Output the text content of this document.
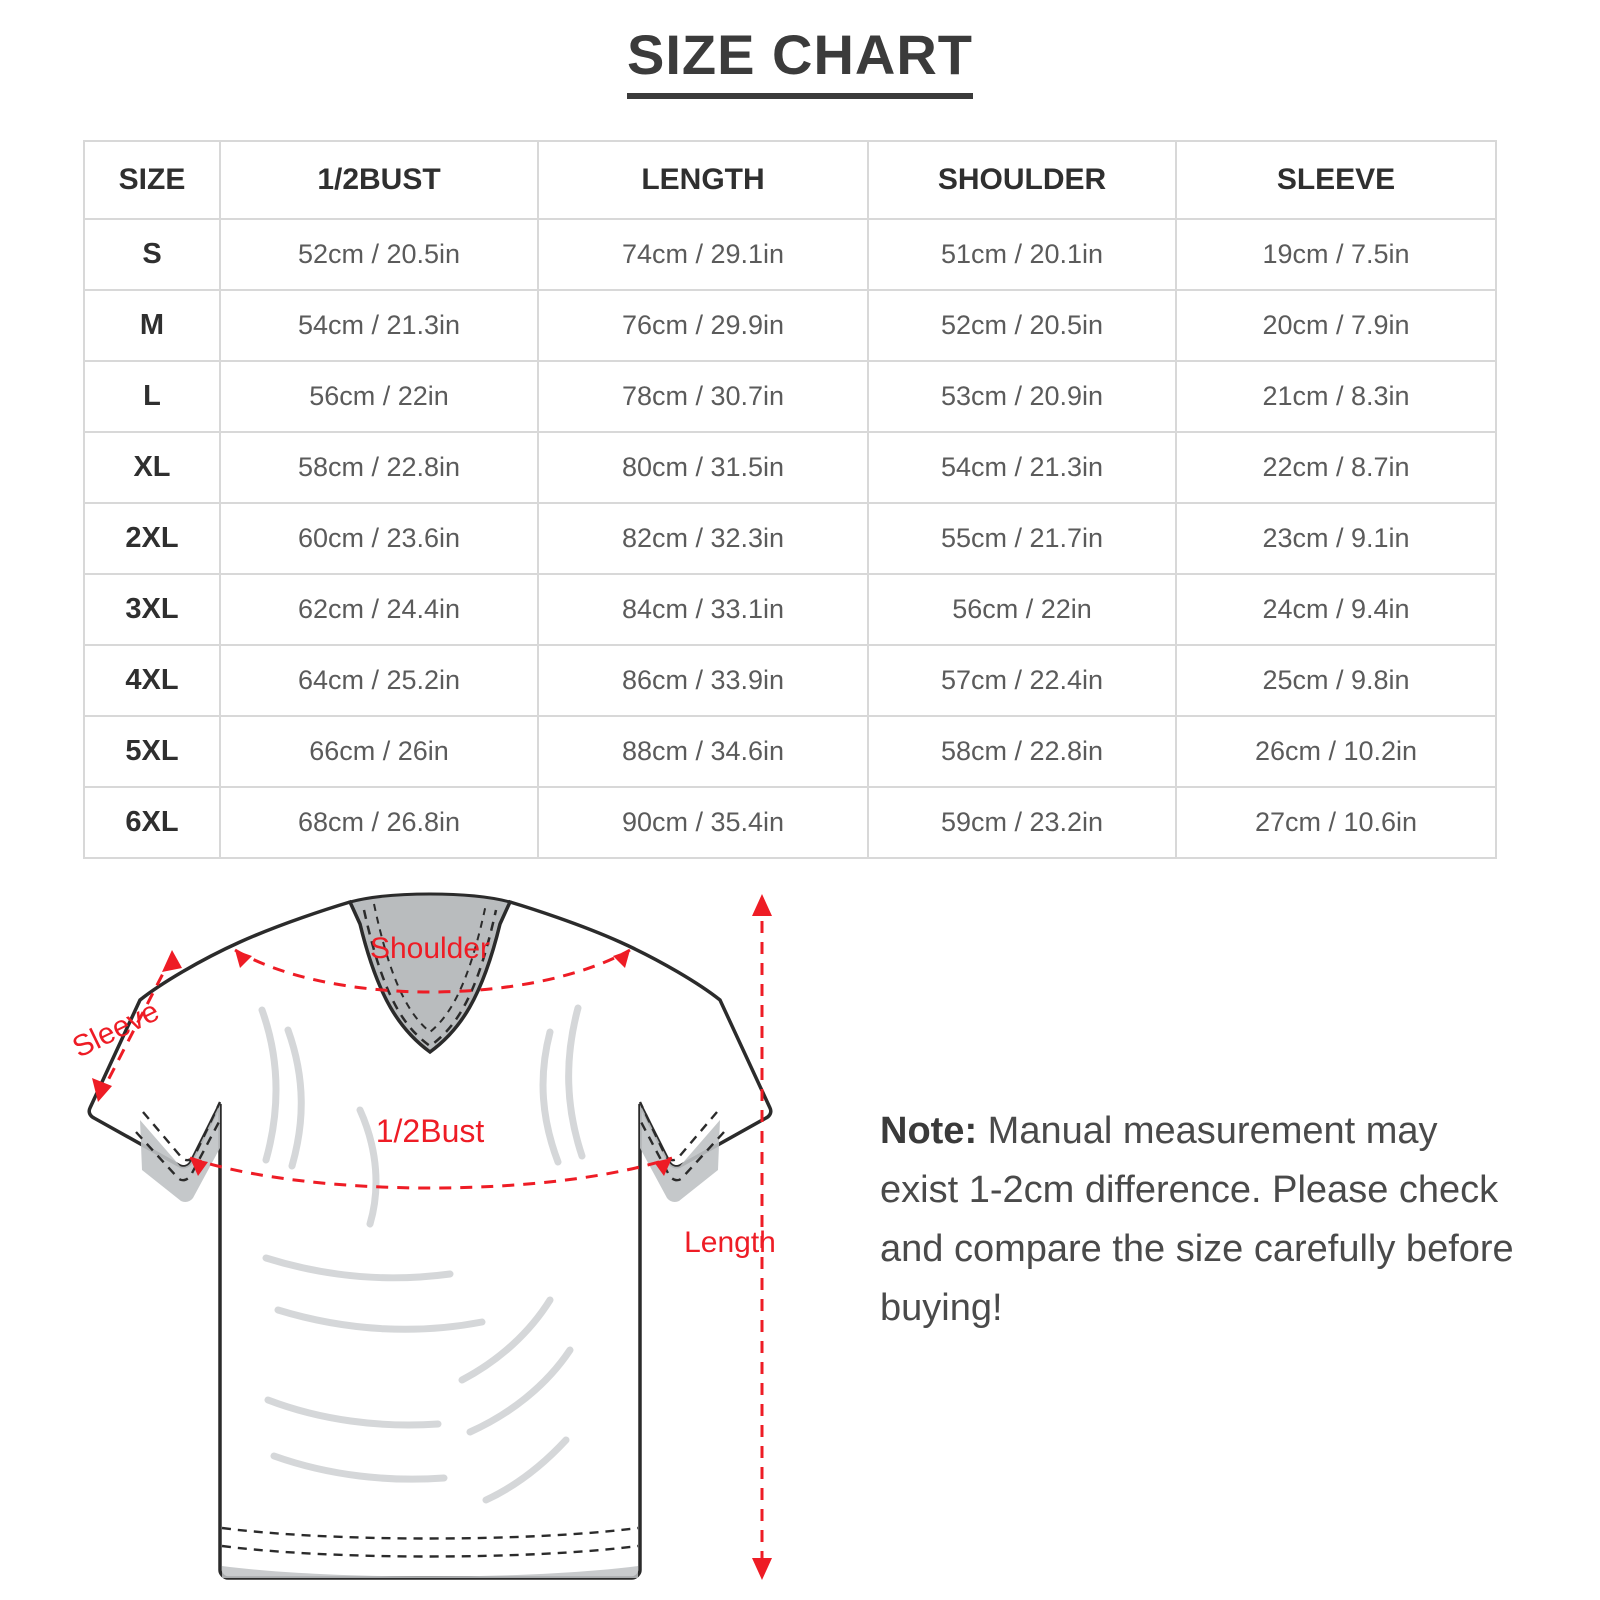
SIZE CHART
SIZE	1/2BUST	LENGTH	SHOULDER	SLEEVE
S	52cm / 20.5in	74cm / 29.1in	51cm / 20.1in	19cm / 7.5in
M	54cm / 21.3in	76cm / 29.9in	52cm / 20.5in	20cm / 7.9in
L	56cm / 22in	78cm / 30.7in	53cm / 20.9in	21cm / 8.3in
XL	58cm / 22.8in	80cm / 31.5in	54cm / 21.3in	22cm / 8.7in
2XL	60cm / 23.6in	82cm / 32.3in	55cm / 21.7in	23cm / 9.1in
3XL	62cm / 24.4in	84cm / 33.1in	56cm / 22in	24cm / 9.4in
4XL	64cm / 25.2in	86cm / 33.9in	57cm / 22.4in	25cm / 9.8in
5XL	66cm / 26in	88cm / 34.6in	58cm / 22.8in	26cm / 10.2in
6XL	68cm / 26.8in	90cm / 35.4in	59cm / 23.2in	27cm / 10.6in
Shoulder
1/2Bust
Sleeve
Length
Note: Manual measurement may exist 1-2cm difference. Please check and compare the size carefully before buying!
